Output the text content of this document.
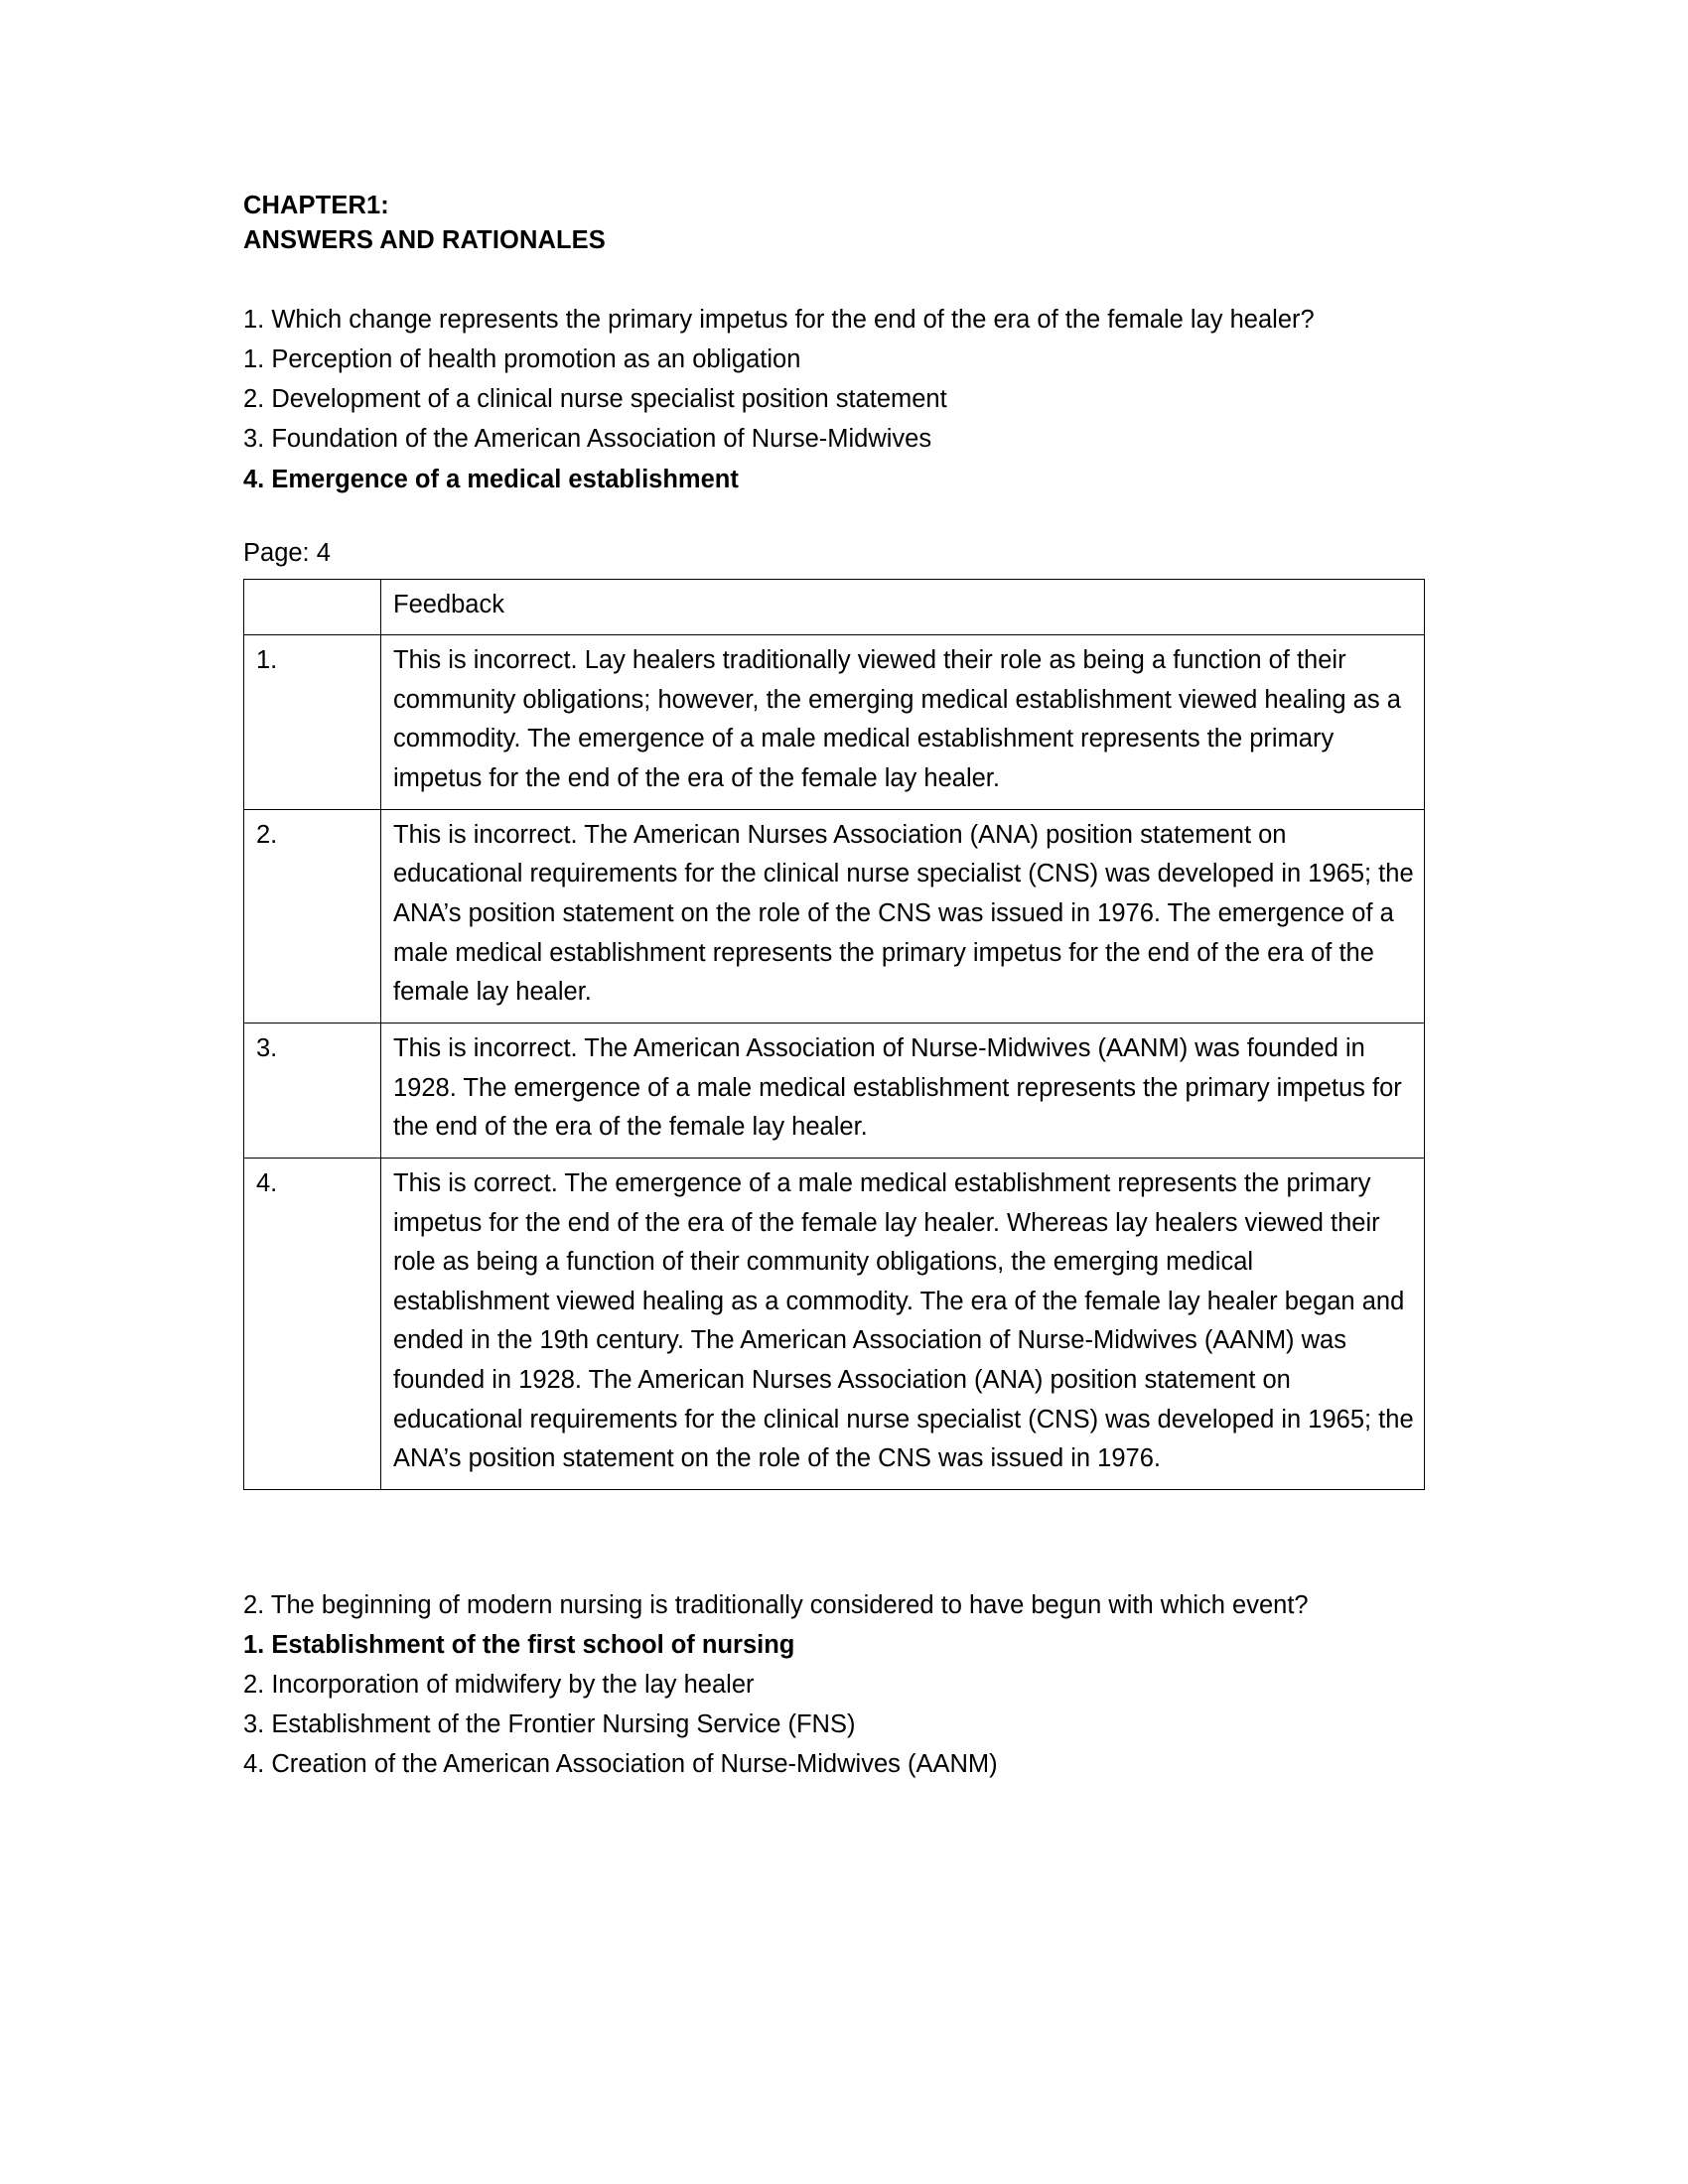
CHAPTER1:
ANSWERS AND RATIONALES
1. Which change represents the primary impetus for the end of the era of the female lay healer?
1. Perception of health promotion as an obligation
2. Development of a clinical nurse specialist position statement
3. Foundation of the American Association of Nurse-Midwives
4. Emergence of a medical establishment
Page: 4
	Feedback
1.	This is incorrect. Lay healers traditionally viewed their role as being a function of their community obligations; however, the emerging medical establishment viewed healing as a commodity. The emergence of a male medical establishment represents the primary impetus for the end of the era of the female lay healer.
2.	This is incorrect. The American Nurses Association (ANA) position statement on educational requirements for the clinical nurse specialist (CNS) was developed in 1965; the ANA’s position statement on the role of the CNS was issued in 1976. The emergence of a male medical establishment represents the primary impetus for the end of the era of the female lay healer.
3.	This is incorrect. The American Association of Nurse-Midwives (AANM) was founded in 1928. The emergence of a male medical establishment represents the primary impetus for the end of the era of the female lay healer.
4.	This is correct. The emergence of a male medical establishment represents the primary impetus for the end of the era of the female lay healer. Whereas lay healers viewed their role as being a function of their community obligations, the emerging medical establishment viewed healing as a commodity. The era of the female lay healer began and ended in the 19th century. The American Association of Nurse-Midwives (AANM) was founded in 1928. The American Nurses Association (ANA) position statement on educational requirements for the clinical nurse specialist (CNS) was developed in 1965; the ANA’s position statement on the role of the CNS was issued in 1976.
2. The beginning of modern nursing is traditionally considered to have begun with which event?
1. Establishment of the first school of nursing
2. Incorporation of midwifery by the lay healer
3. Establishment of the Frontier Nursing Service (FNS)
4. Creation of the American Association of Nurse-Midwives (AANM)
